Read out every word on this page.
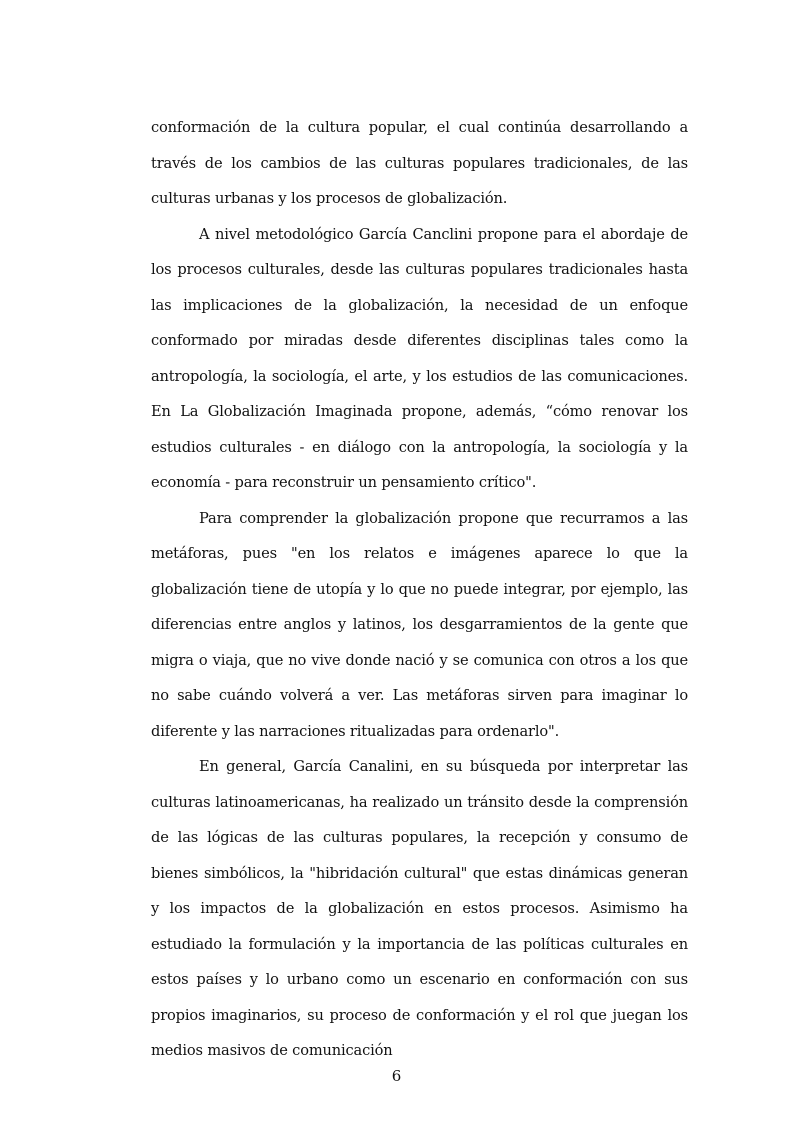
conformación de la cultura popular, el cual continúa desarrollando a través de los cambios de las culturas populares tradicionales, de las culturas urbanas y los procesos de globalización.

A nivel metodológico García Canclini propone para el abordaje de los procesos culturales, desde las culturas populares tradicionales hasta las implicaciones de la globalización, la necesidad de un enfoque conformado por miradas desde diferentes disciplinas tales como la antropología, la sociología, el arte, y los estudios de las comunicaciones. En La Globalización Imaginada propone, además, “cómo renovar los estudios culturales - en diálogo con la antropología, la sociología y la economía - para reconstruir un pensamiento crítico".

Para comprender la globalización propone que recurramos a las metáforas, pues "en los relatos e imágenes aparece lo que la globalización tiene de utopía y lo que no puede integrar, por ejemplo, las diferencias entre anglos y latinos, los desgarramientos de la gente que migra o viaja, que no vive donde nació y se comunica con otros a los que no sabe cuándo volverá a ver. Las metáforas sirven para imaginar lo diferente y las narraciones ritualizadas para ordenarlo".

En general, García Canalini, en su búsqueda por interpretar las culturas latinoamericanas, ha realizado un tránsito desde la comprensión de las lógicas de las culturas populares, la recepción y consumo de bienes simbólicos, la "hibridación cultural" que estas dinámicas generan y los impactos de la globalización en estos procesos. Asimismo ha estudiado la formulación y la importancia de las políticas culturales en estos países y lo urbano como un escenario en conformación con sus propios imaginarios, su proceso de conformación y el rol que juegan los medios masivos de comunicación

6
